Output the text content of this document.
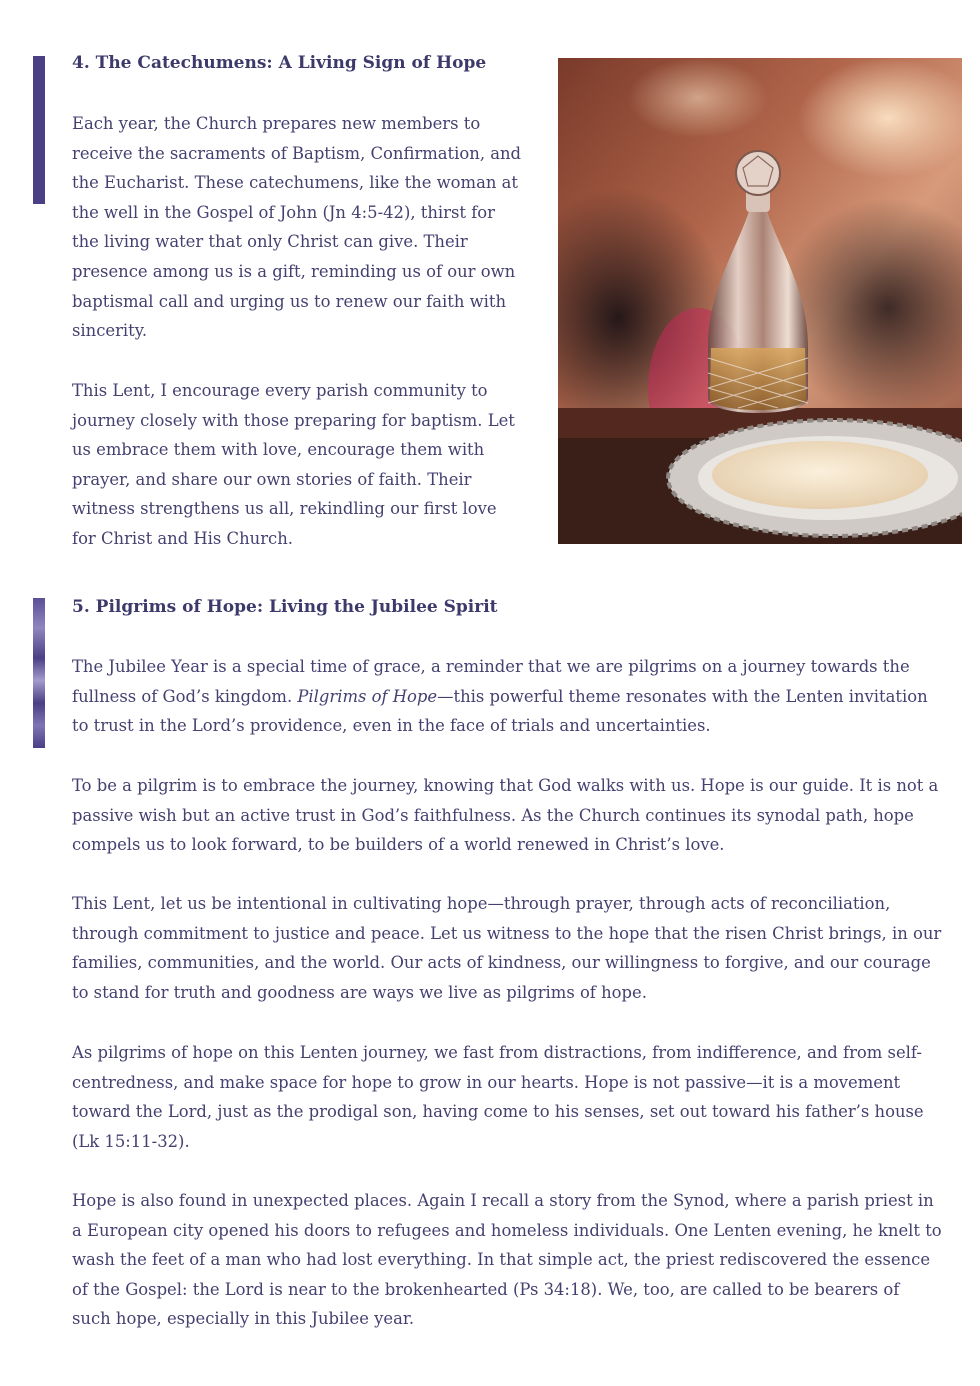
4. The Catechumens: A Living Sign of Hope

Each year, the Church prepares new members to receive the sacraments of Baptism, Confirmation, and the Eucharist. These catechumens, like the woman at the well in the Gospel of John (Jn 4:5-42), thirst for the living water that only Christ can give. Their presence among us is a gift, reminding us of our own baptismal call and urging us to renew our faith with sincerity.

This Lent, I encourage every parish community to journey closely with those preparing for baptism. Let us embrace them with love, encourage them with prayer, and share our own stories of faith. Their witness strengthens us all, rekindling our first love for Christ and His Church.

5. Pilgrims of Hope: Living the Jubilee Spirit

The Jubilee Year is a special time of grace, a reminder that we are pilgrims on a journey towards the fullness of God’s kingdom. Pilgrims of Hope—this powerful theme resonates with the Lenten invitation to trust in the Lord’s providence, even in the face of trials and uncertainties.

To be a pilgrim is to embrace the journey, knowing that God walks with us. Hope is our guide. It is not a passive wish but an active trust in God’s faithfulness. As the Church continues its synodal path, hope compels us to look forward, to be builders of a world renewed in Christ’s love.

This Lent, let us be intentional in cultivating hope—through prayer, through acts of reconciliation, through commitment to justice and peace. Let us witness to the hope that the risen Christ brings, in our families, communities, and the world. Our acts of kindness, our willingness to forgive, and our courage to stand for truth and goodness are ways we live as pilgrims of hope.

As pilgrims of hope on this Lenten journey, we fast from distractions, from indifference, and from self-centredness, and make space for hope to grow in our hearts. Hope is not passive—it is a movement toward the Lord, just as the prodigal son, having come to his senses, set out toward his father’s house (Lk 15:11-32).

Hope is also found in unexpected places. Again I recall a story from the Synod, where a parish priest in a European city opened his doors to refugees and homeless individuals. One Lenten evening, he knelt to wash the feet of a man who had lost everything. In that simple act, the priest rediscovered the essence of the Gospel: the Lord is near to the brokenhearted (Ps 34:18). We, too, are called to be bearers of such hope, especially in this Jubilee year.
